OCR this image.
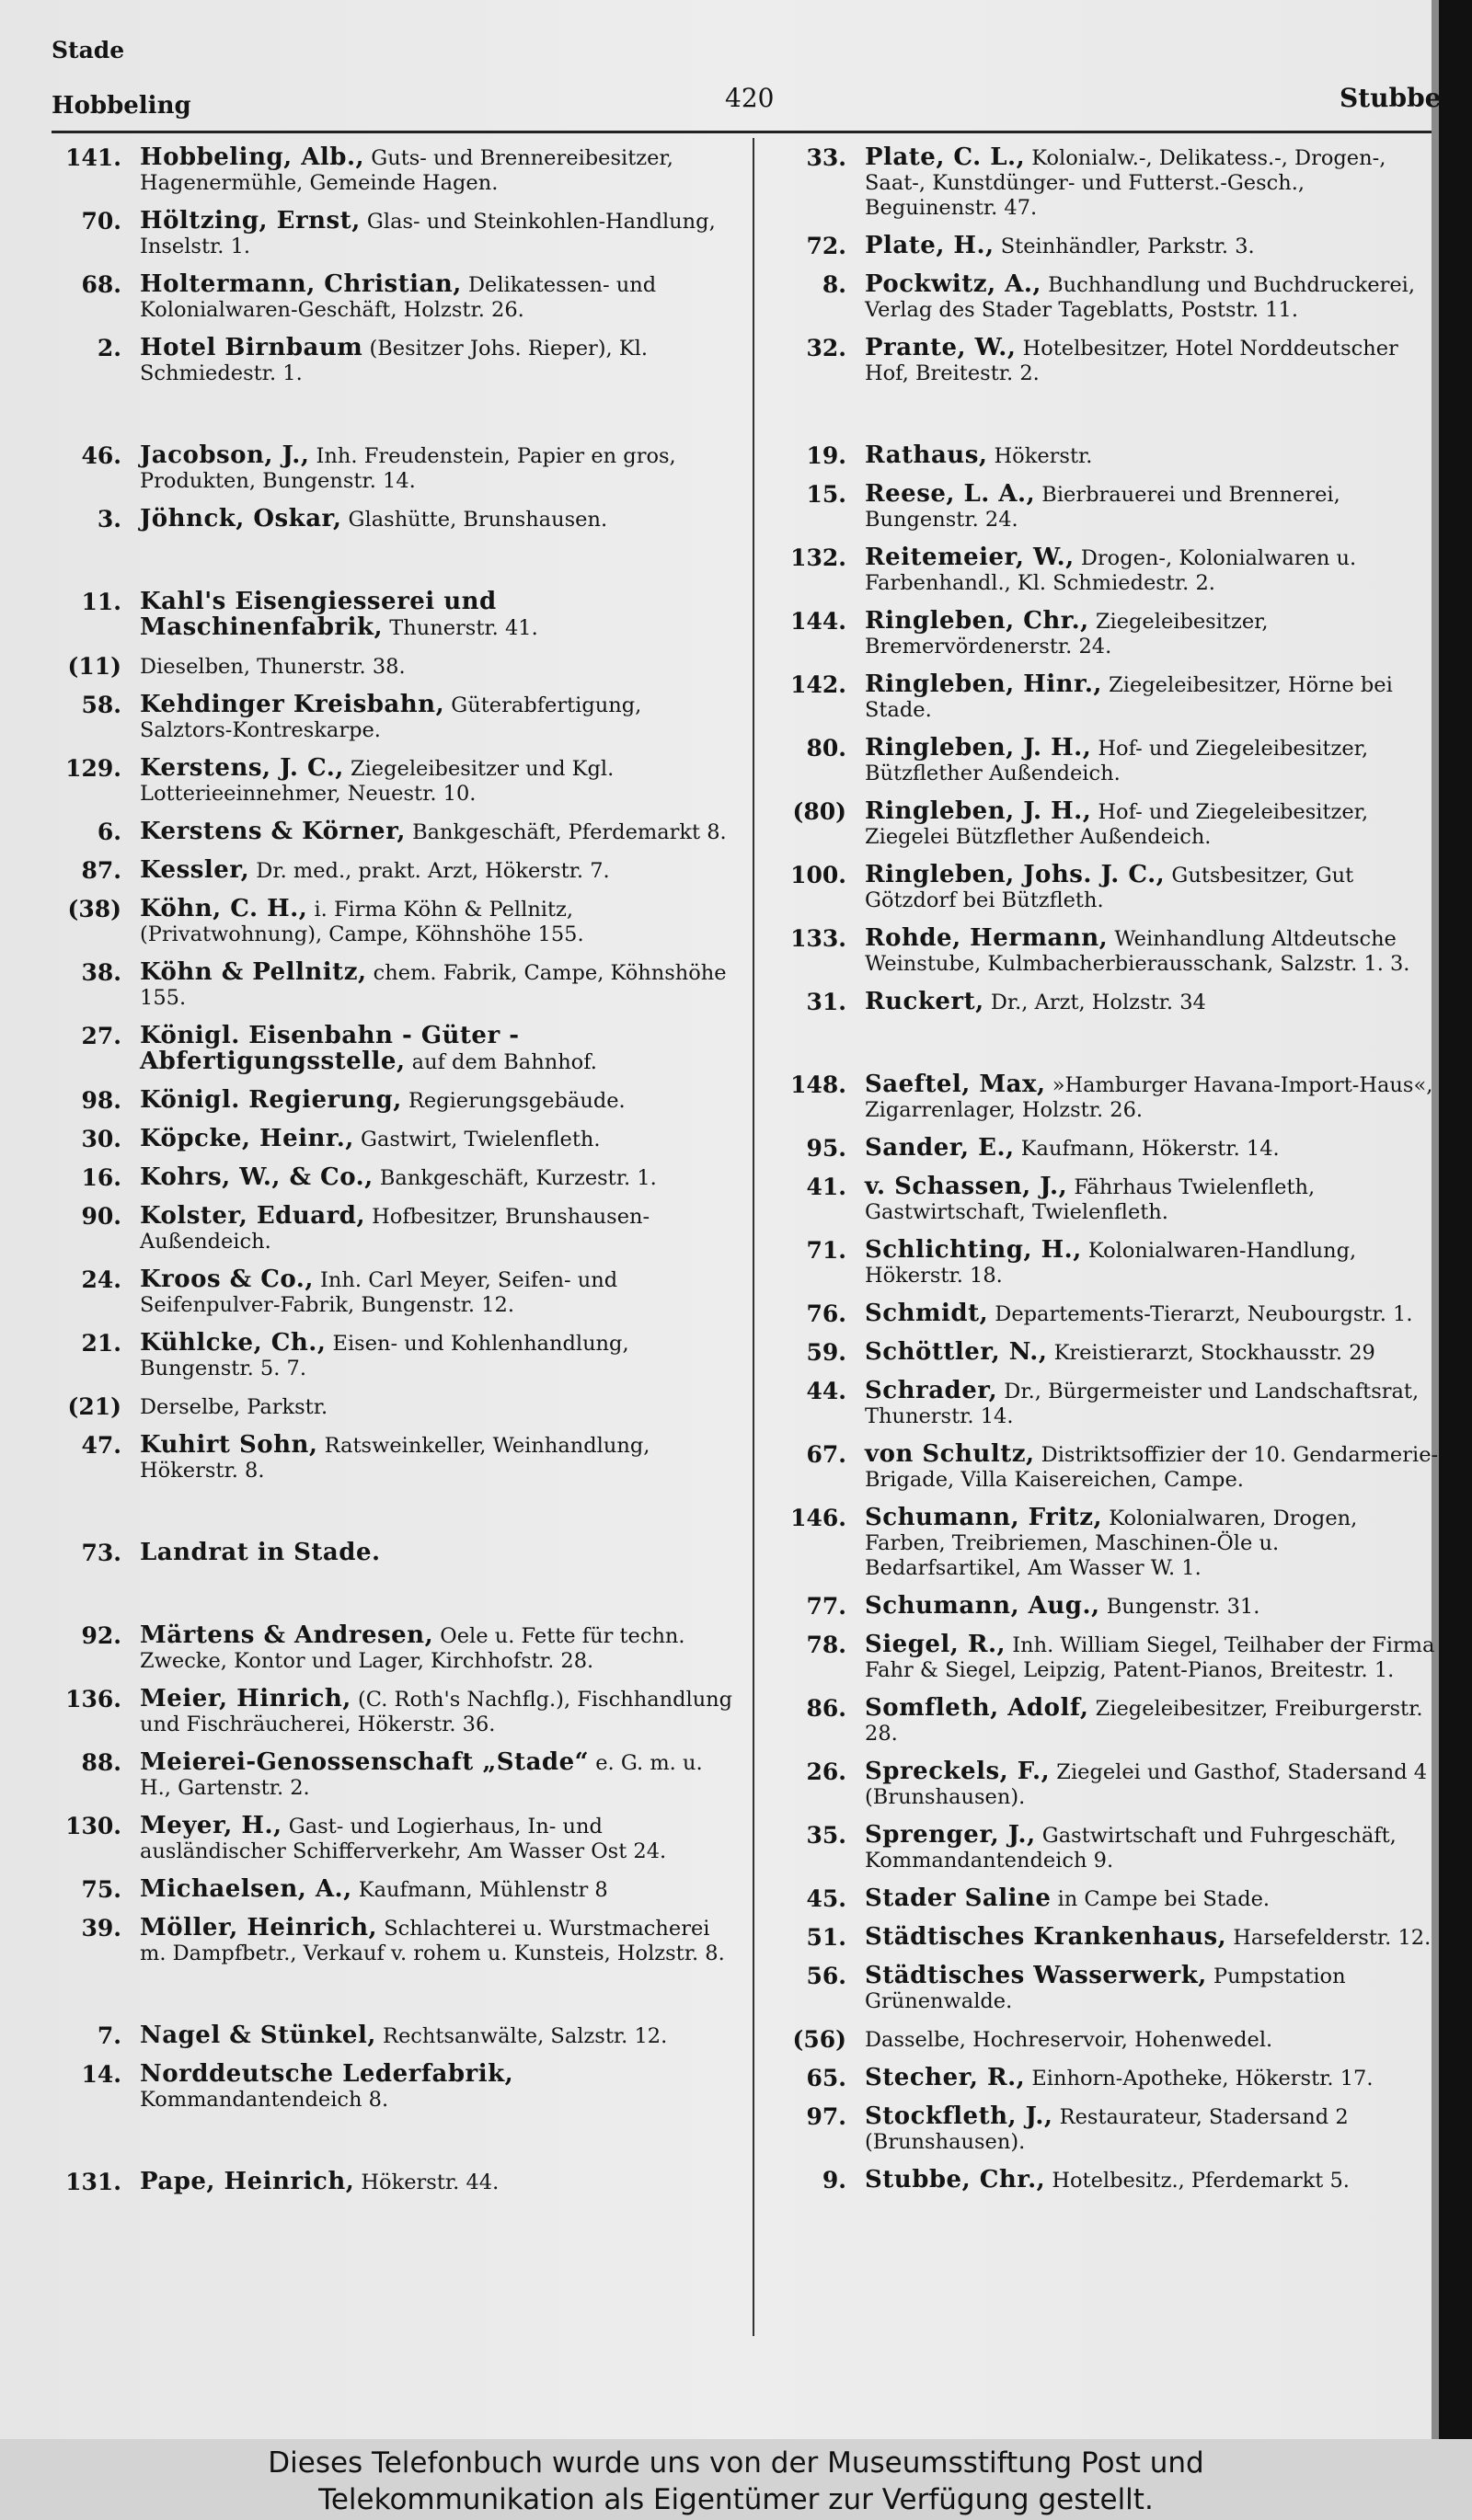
Stade
Hobbeling	420	Stubbe
141. Hobbeling, Alb., Guts- und Brennereibesitzer, Hagenermühle, Gemeinde Hagen.
70. Höltzing, Ernst, Glas- und Steinkohlen-Handlung, Inselstr. 1.
68. Holtermann, Christian, Delikatessen- und Kolonialwaren-Geschäft, Holzstr. 26.
2. Hotel Birnbaum (Besitzer Johs. Rieper), Kl. Schmiedestr. 1.
46. Jacobson, J., Inh. Freudenstein, Papier en gros, Produkten, Bungenstr. 14.
3. Jöhnck, Oskar, Glashütte, Brunshausen.
11. Kahl's Eisengiesserei und Maschinenfabrik, Thunerstr. 41.
(11) Dieselben, Thunerstr. 38.
58. Kehdinger Kreisbahn, Güterabfertigung, Salztors-Kontreskarpe.
129. Kerstens, J. C., Ziegeleibesitzer und Kgl. Lotterieeinnehmer, Neuestr. 10.
6. Kerstens & Körner, Bankgeschäft, Pferdemarkt 8.
87. Kessler, Dr. med., prakt. Arzt, Hökerstr. 7.
(38) Köhn, C. H., i. Firma Köhn & Pellnitz, (Privatwohnung), Campe, Köhnshöhe 155.
38. Köhn & Pellnitz, chem. Fabrik, Campe, Köhnshöhe 155.
27. Königl. Eisenbahn - Güter - Abfertigungsstelle, auf dem Bahnhof.
98. Königl. Regierung, Regierungsgebäude.
30. Köpcke, Heinr., Gastwirt, Twielenfleth.
16. Kohrs, W., & Co., Bankgeschäft, Kurzestr. 1.
90. Kolster, Eduard, Hofbesitzer, Brunshausen-Außendeich.
24. Kroos & Co., Inh. Carl Meyer, Seifen- und Seifenpulver-Fabrik, Bungenstr. 12.
21. Kühlcke, Ch., Eisen- und Kohlenhandlung, Bungenstr. 5. 7.
(21) Derselbe, Parkstr.
47. Kuhirt Sohn, Ratsweinkeller, Weinhandlung, Hökerstr. 8.
73. Landrat in Stade.
92. Märtens & Andresen, Oele u. Fette für techn. Zwecke, Kontor und Lager, Kirchhofstr. 28.
136. Meier, Hinrich, (C. Roth's Nachflg.), Fischhandlung und Fischräucherei, Hökerstr. 36.
88. Meierei-Genossenschaft „Stade“ e. G. m. u. H., Gartenstr. 2.
130. Meyer, H., Gast- und Logierhaus, In- und ausländischer Schifferverkehr, Am Wasser Ost 24.
75. Michaelsen, A., Kaufmann, Mühlenstr 8
39. Möller, Heinrich, Schlachterei u. Wurstmacherei m. Dampfbetr., Verkauf v. rohem u. Kunsteis, Holzstr. 8.
7. Nagel & Stünkel, Rechtsanwälte, Salzstr. 12.
14. Norddeutsche Lederfabrik, Kommandantendeich 8.
131. Pape, Heinrich, Hökerstr. 44.
33. Plate, C. L., Kolonialw.-, Delikatess.-, Drogen-, Saat-, Kunstdünger- und Futterst.-Gesch., Beguinenstr. 47.
72. Plate, H., Steinhändler, Parkstr. 3.
8. Pockwitz, A., Buchhandlung und Buchdruckerei, Verlag des Stader Tageblatts, Poststr. 11.
32. Prante, W., Hotelbesitzer, Hotel Norddeutscher Hof, Breitestr. 2.
19. Rathaus, Hökerstr.
15. Reese, L. A., Bierbrauerei und Brennerei, Bungenstr. 24.
132. Reitemeier, W., Drogen-, Kolonialwaren u. Farbenhandl., Kl. Schmiedestr. 2.
144. Ringleben, Chr., Ziegeleibesitzer, Bremervördenerstr. 24.
142. Ringleben, Hinr., Ziegeleibesitzer, Hörne bei Stade.
80. Ringleben, J. H., Hof- und Ziegeleibesitzer, Bützflether Außendeich.
(80) Ringleben, J. H., Hof- und Ziegeleibesitzer, Ziegelei Bützflether Außendeich.
100. Ringleben, Johs. J. C., Gutsbesitzer, Gut Götzdorf bei Bützfleth.
133. Rohde, Hermann, Weinhandlung Altdeutsche Weinstube, Kulmbacherbierausschank, Salzstr. 1. 3.
31. Ruckert, Dr., Arzt, Holzstr. 34
148. Saeftel, Max, »Hamburger Havana-Import-Haus«, Zigarrenlager, Holzstr. 26.
95. Sander, E., Kaufmann, Hökerstr. 14.
41. v. Schassen, J., Fährhaus Twielenfleth, Gastwirtschaft, Twielenfleth.
71. Schlichting, H., Kolonialwaren-Handlung, Hökerstr. 18.
76. Schmidt, Departements-Tierarzt, Neubourgstr. 1.
59. Schöttler, N., Kreistierarzt, Stockhausstr. 29
44. Schrader, Dr., Bürgermeister und Landschaftsrat, Thunerstr. 14.
67. von Schultz, Distriktsoffizier der 10. Gendarmerie-Brigade, Villa Kaisereichen, Campe.
146. Schumann, Fritz, Kolonialwaren, Drogen, Farben, Treibriemen, Maschinen-Öle u. Bedarfsartikel, Am Wasser W. 1.
77. Schumann, Aug., Bungenstr. 31.
78. Siegel, R., Inh. William Siegel, Teilhaber der Firma Fahr & Siegel, Leipzig, Patent-Pianos, Breitestr. 1.
86. Somfleth, Adolf, Ziegeleibesitzer, Freiburgerstr. 28.
26. Spreckels, F., Ziegelei und Gasthof, Stadersand 4 (Brunshausen).
35. Sprenger, J., Gastwirtschaft und Fuhrgeschäft, Kommandantendeich 9.
45. Stader Saline in Campe bei Stade.
51. Städtisches Krankenhaus, Harsefelderstr. 12.
56. Städtisches Wasserwerk, Pumpstation Grünenwalde.
(56) Dasselbe, Hochreservoir, Hohenwedel.
65. Stecher, R., Einhorn-Apotheke, Hökerstr. 17.
97. Stockfleth, J., Restaurateur, Stadersand 2 (Brunshausen).
9. Stubbe, Chr., Hotelbesitz., Pferdemarkt 5.
Dieses Telefonbuch wurde uns von der Museumsstiftung Post und
Telekommunikation als Eigentümer zur Verfügung gestellt.
